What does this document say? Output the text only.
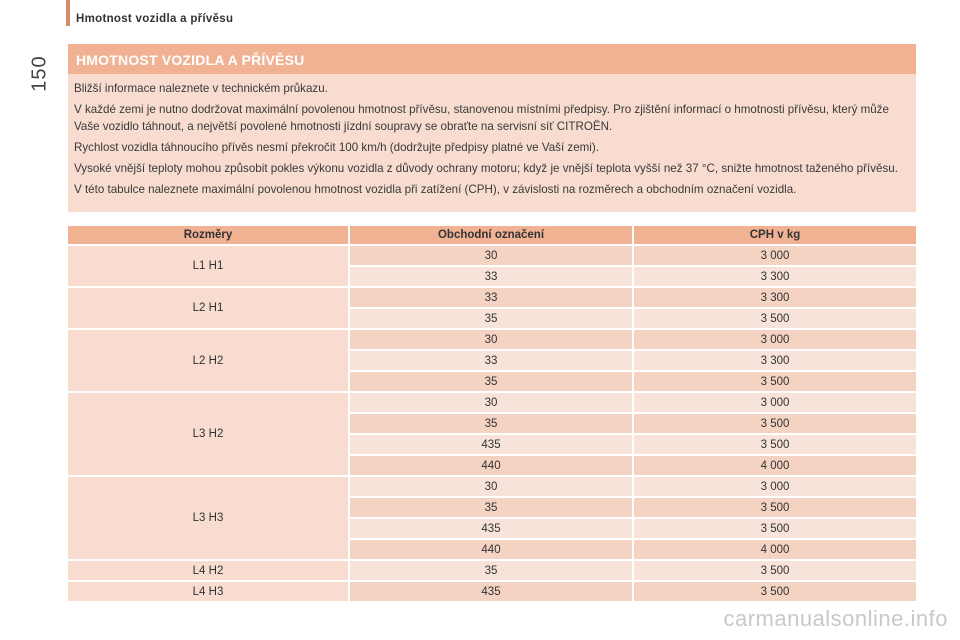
150
Hmotnost vozidla a přívěsu
HMOTNOST VOZIDLA A PŘÍVĚSU

Bližší informace naleznete v technickém průkazu.

V každé zemi je nutno dodržovat maximální povolenou hmotnost přívěsu, stanovenou místními předpisy. Pro zjištění informací o hmotnosti přívěsu, který může Vaše vozidlo táhnout, a největší povolené hmotnosti jízdní soupravy se obraťte na servisní síť CITROËN.

Rychlost vozidla táhnoucího přívěs nesmí překročit 100 km/h (dodržujte předpisy platné ve Vaší zemi).

Vysoké vnější teploty mohou způsobit pokles výkonu vozidla z důvody ochrany motoru; když je vnější teplota vyšší než 37 °C, snižte hmotnost taženého přívěsu.

V této tabulce naleznete maximální povolenou hmotnost vozidla při zatížení (CPH), v závislosti na rozměrech a obchodním označení vozidla.

Rozměry	Obchodní označení	CPH v kg
L1 H1	30	3 000
	33	3 300
L2 H1	33	3 300
	35	3 500
L2 H2	30	3 000
	33	3 300
	35	3 500
L3 H2	30	3 000
	35	3 500
	435	3 500
	440	4 000
L3 H3	30	3 000
	35	3 500
	435	3 500
	440	4 000
L4 H2	35	3 500
L4 H3	435	3 500
carmanualsonline.info
